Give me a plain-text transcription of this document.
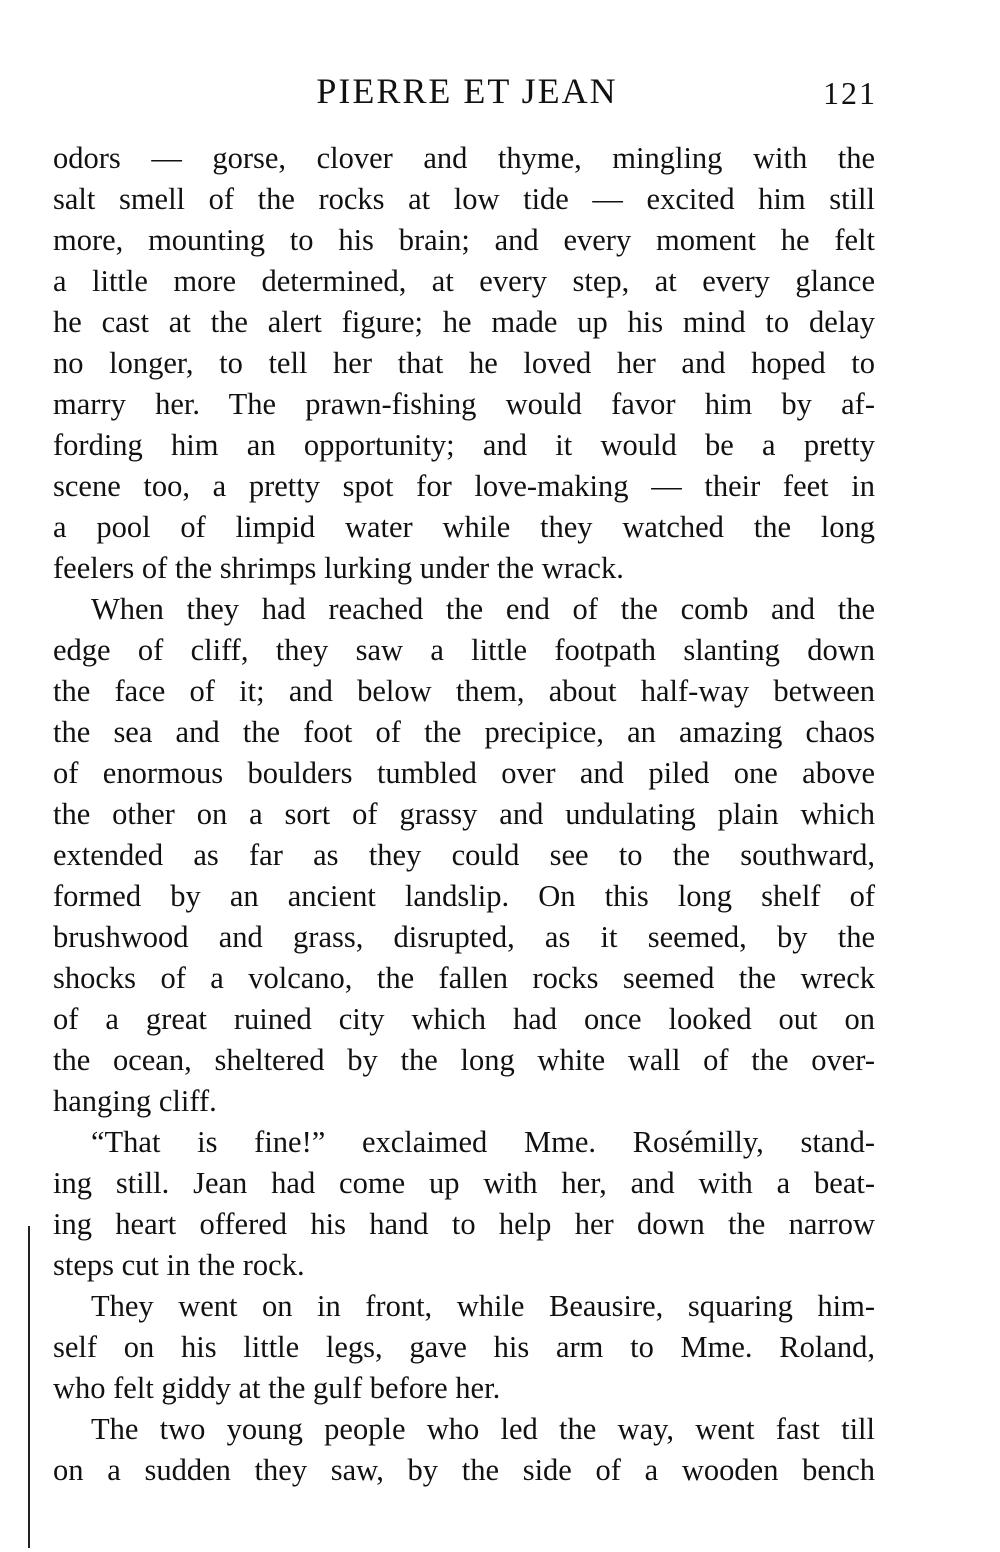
PIERRE ET JEAN	121
odors — gorse, clover and thyme, mingling with the
salt smell of the rocks at low tide — excited him still
more, mounting to his brain; and every moment he felt
a little more determined, at every step, at every glance
he cast at the alert figure; he made up his mind to delay
no longer, to tell her that he loved her and hoped to
marry her. The prawn-fishing would favor him by af-
fording him an opportunity; and it would be a pretty
scene too, a pretty spot for love-making — their feet in
a pool of limpid water while they watched the long
feelers of the shrimps lurking under the wrack.
When they had reached the end of the comb and the
edge of cliff, they saw a little footpath slanting down
the face of it; and below them, about half-way between
the sea and the foot of the precipice, an amazing chaos
of enormous boulders tumbled over and piled one above
the other on a sort of grassy and undulating plain which
extended as far as they could see to the southward,
formed by an ancient landslip. On this long shelf of
brushwood and grass, disrupted, as it seemed, by the
shocks of a volcano, the fallen rocks seemed the wreck
of a great ruined city which had once looked out on
the ocean, sheltered by the long white wall of the over-
hanging cliff.
“That is fine!” exclaimed Mme. Rosémilly, stand-
ing still. Jean had come up with her, and with a beat-
ing heart offered his hand to help her down the narrow
steps cut in the rock.
They went on in front, while Beausire, squaring him-
self on his little legs, gave his arm to Mme. Roland,
who felt giddy at the gulf before her.
The two young people who led the way, went fast till
on a sudden they saw, by the side of a wooden bench
